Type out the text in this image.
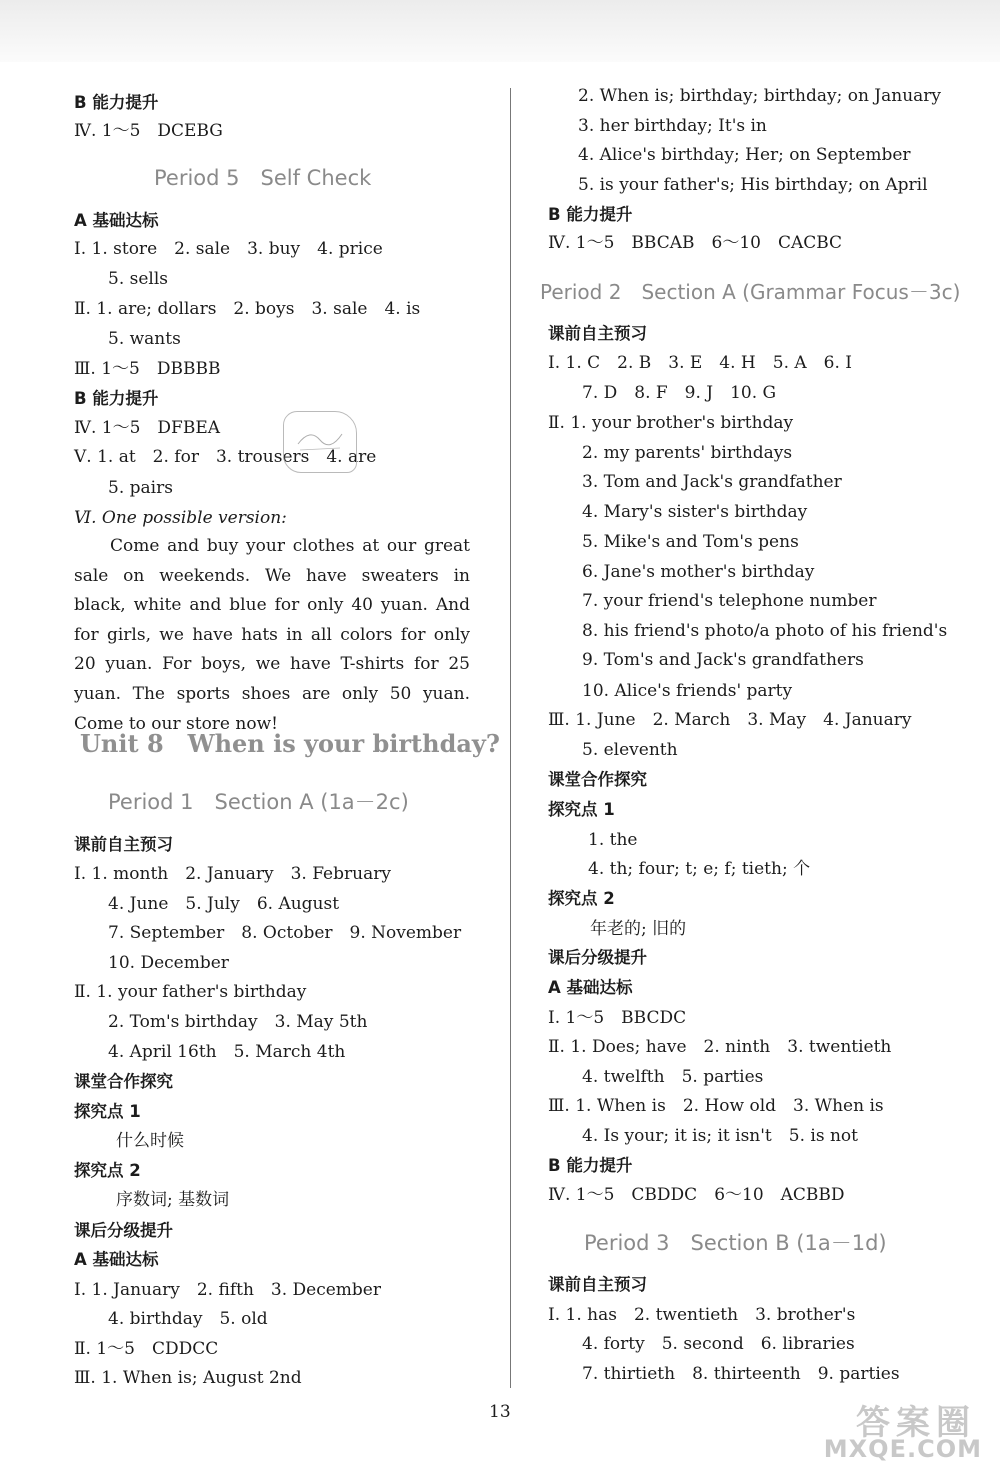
B 能力提升
Ⅳ. 1～5　DCEBG
Period 5　Self Check
A 基础达标
Ⅰ. 1. store　2. sale　3. buy　4. price
5. sells
Ⅱ. 1. are; dollars　2. boys　3. sale　4. is
5. wants
Ⅲ. 1～5　DBBBB
B 能力提升
Ⅳ. 1～5　DFBEA
Ⅴ. 1. at　2. for　3. trousers　4. are
5. pairs
Ⅵ. One possible version:
Come and buy your clothes at our great sale on weekends. We have sweaters in black, white and blue for only 40 yuan. And for girls, we have hats in all colors for only 20 yuan. For boys, we have T-shirts for 25 yuan. The sports shoes are only 50 yuan. Come to our store now!
Unit 8　When is your birthday?
Period 1　Section A (1a－2c)
课前自主预习
Ⅰ. 1. month　2. January　3. February
4. June　5. July　6. August
7. September　8. October　9. November
10. December
Ⅱ. 1. your father's birthday
2. Tom's birthday　3. May 5th
4. April 16th　5. March 4th
课堂合作探究
探究点 1
什么时候
探究点 2
序数词; 基数词
课后分级提升
A 基础达标
Ⅰ. 1. January　2. fifth　3. December
4. birthday　5. old
Ⅱ. 1～5　CDDCC
Ⅲ. 1. When is; August 2nd
2. When is; birthday; birthday; on January
3. her birthday; It's in
4. Alice's birthday; Her; on September
5. is your father's; His birthday; on April
B 能力提升
Ⅳ. 1～5　BBCAB　6～10　CACBC
Period 2　Section A (Grammar Focus－3c)
课前自主预习
Ⅰ. 1. C　2. B　3. E　4. H　5. A　6. I
7. D　8. F　9. J　10. G
Ⅱ. 1. your brother's birthday
2. my parents' birthdays
3. Tom and Jack's grandfather
4. Mary's sister's birthday
5. Mike's and Tom's pens
6. Jane's mother's birthday
7. your friend's telephone number
8. his friend's photo/a photo of his friend's
9. Tom's and Jack's grandfathers
10. Alice's friends' party
Ⅲ. 1. June　2. March　3. May　4. January
5. eleventh
课堂合作探究
探究点 1
1. the
4. th; four; t; e; f; tieth; 个
探究点 2
年老的; 旧的
课后分级提升
A 基础达标
Ⅰ. 1～5　BBCDC
Ⅱ. 1. Does; have　2. ninth　3. twentieth
4. twelfth　5. parties
Ⅲ. 1. When is　2. How old　3. When is
4. Is your; it is; it isn't　5. is not
B 能力提升
Ⅳ. 1～5　CBDDC　6～10　ACBBD
Period 3　Section B (1a－1d)
课前自主预习
Ⅰ. 1. has　2. twentieth　3. brother's
4. forty　5. second　6. libraries
7. thirtieth　8. thirteenth　9. parties
13	答案圈
MXQE.COM
